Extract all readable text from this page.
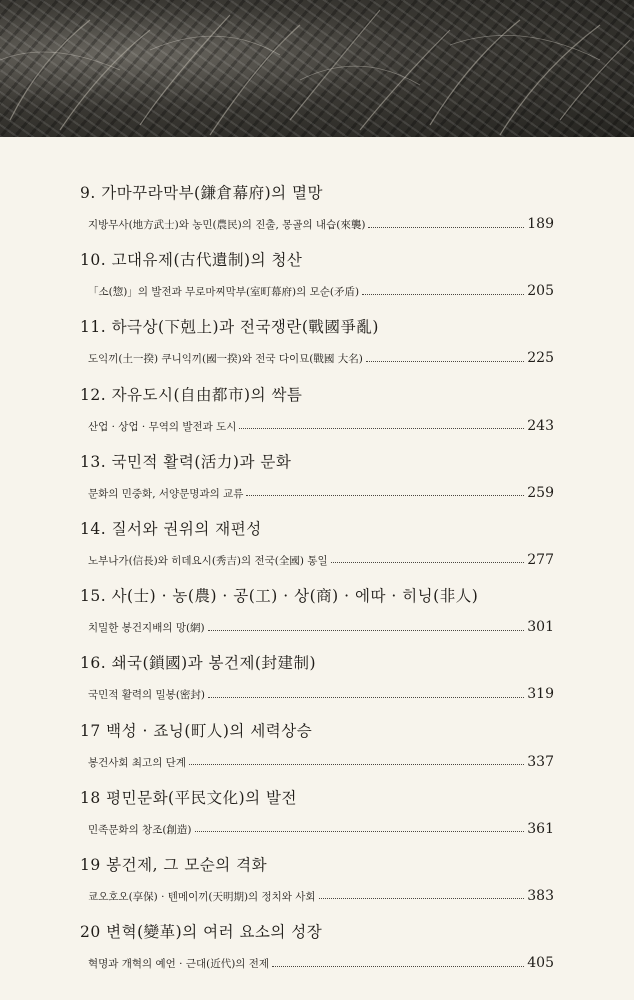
9. 가마꾸라막부(鎌倉幕府)의 멸망
지방무사(地方武士)와 농민(農民)의 진출, 몽골의 내습(來襲)	189
10. 고대유제(古代遺制)의 청산
「소(惣)」의 발전과 무로마찌막부(室町幕府)의 모순(矛盾)	205
11. 하극상(下剋上)과 전국쟁란(戰國爭亂)
도익끼(土一揆) 쿠니익끼(國一揆)와 전국 다이묘(戰國 大名)	225
12. 자유도시(自由都市)의 싹틈
산업 · 상업 · 무역의 발전과 도시	243
13. 국민적 활력(活力)과 문화
문화의 민중화, 서양문명과의 교류	259
14. 질서와 권위의 재편성
노부나가(信長)와 히데요시(秀吉)의 전국(全國) 통일	277
15. 사(士) · 농(農) · 공(工) · 상(商) · 에따 · 히닝(非人)
치밀한 봉건지배의 망(網)	301
16. 쇄국(鎖國)과 봉건제(封建制)
국민적 활력의 밀봉(密封)	319
17 백성 · 죠닝(町人)의 세력상승
봉건사회 최고의 단계	337
18 평민문화(平民文化)의 발전
민족문화의 창조(創造)	361
19 봉건제, 그 모순의 격화
쿄오호오(享保) · 텐메이끼(天明期)의 정치와 사회	383
20 변혁(變革)의 여러 요소의 성장
혁명과 개혁의 예언 · 근대(近代)의 전제	405
